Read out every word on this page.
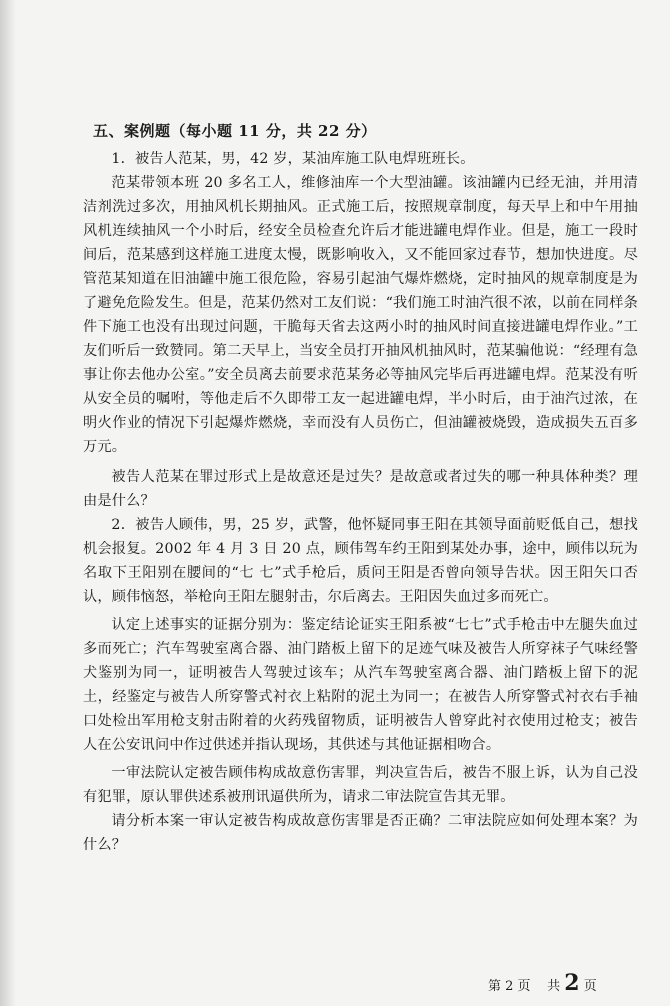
五、案例题（每小题 11 分，共 22 分）

1．被告人范某，男，42 岁，某油库施工队电焊班班长。

范某带领本班 20 多名工人，维修油库一个大型油罐。该油罐内已经无油，并用清洁剂洗过多次，用抽风机长期抽风。正式施工后，按照规章制度，每天早上和中午用抽风机连续抽风一个小时后，经安全员检查允许后才能进罐电焊作业。但是，施工一段时间后，范某感到这样施工进度太慢，既影响收入，又不能回家过春节，想加快进度。尽管范某知道在旧油罐中施工很危险，容易引起油气爆炸燃烧，定时抽风的规章制度是为了避免危险发生。但是，范某仍然对工友们说：“我们施工时油汽很不浓，以前在同样条件下施工也没有出现过问题，干脆每天省去这两小时的抽风时间直接进罐电焊作业。”工友们听后一致赞同。第二天早上，当安全员打开抽风机抽风时，范某骗他说：“经理有急事让你去他办公室。”安全员离去前要求范某务必等抽风完毕后再进罐电焊。范某没有听从安全员的嘱咐，等他走后不久即带工友一起进罐电焊，半小时后，由于油汽过浓，在明火作业的情况下引起爆炸燃烧，幸而没有人员伤亡，但油罐被烧毁，造成损失五百多万元。

被告人范某在罪过形式上是故意还是过失？是故意或者过失的哪一种具体种类？理由是什么？

2．被告人顾伟，男，25 岁，武警，他怀疑同事王阳在其领导面前贬低自己，想找机会报复。2002 年 4 月 3 日 20 点，顾伟驾车约王阳到某处办事，途中，顾伟以玩为名取下王阳别在腰间的“七 七”式手枪后，质问王阳是否曾向领导告状。因王阳矢口否认，顾伟恼怒，举枪向王阳左腿射击，尔后离去。王阳因失血过多而死亡。

认定上述事实的证据分别为：鉴定结论证实王阳系被“七七”式手枪击中左腿失血过多而死亡；汽车驾驶室离合器、油门踏板上留下的足迹气味及被告人所穿袜子气味经警犬鉴别为同一，证明被告人驾驶过该车；从汽车驾驶室离合器、油门踏板上留下的泥土，经鉴定与被告人所穿警式衬衣上粘附的泥土为同一；在被告人所穿警式衬衣右手袖口处检出军用枪支射击附着的火药残留物质，证明被告人曾穿此衬衣使用过枪支；被告人在公安讯问中作过供述并指认现场，其供述与其他证据相吻合。

一审法院认定被告顾伟构成故意伤害罪，判决宣告后，被告不服上诉，认为自己没有犯罪，原认罪供述系被刑讯逼供所为，请求二审法院宣告其无罪。

请分析本案一审认定被告构成故意伤害罪是否正确？二审法院应如何处理本案？为什么？

第 2 页 共 2 页
